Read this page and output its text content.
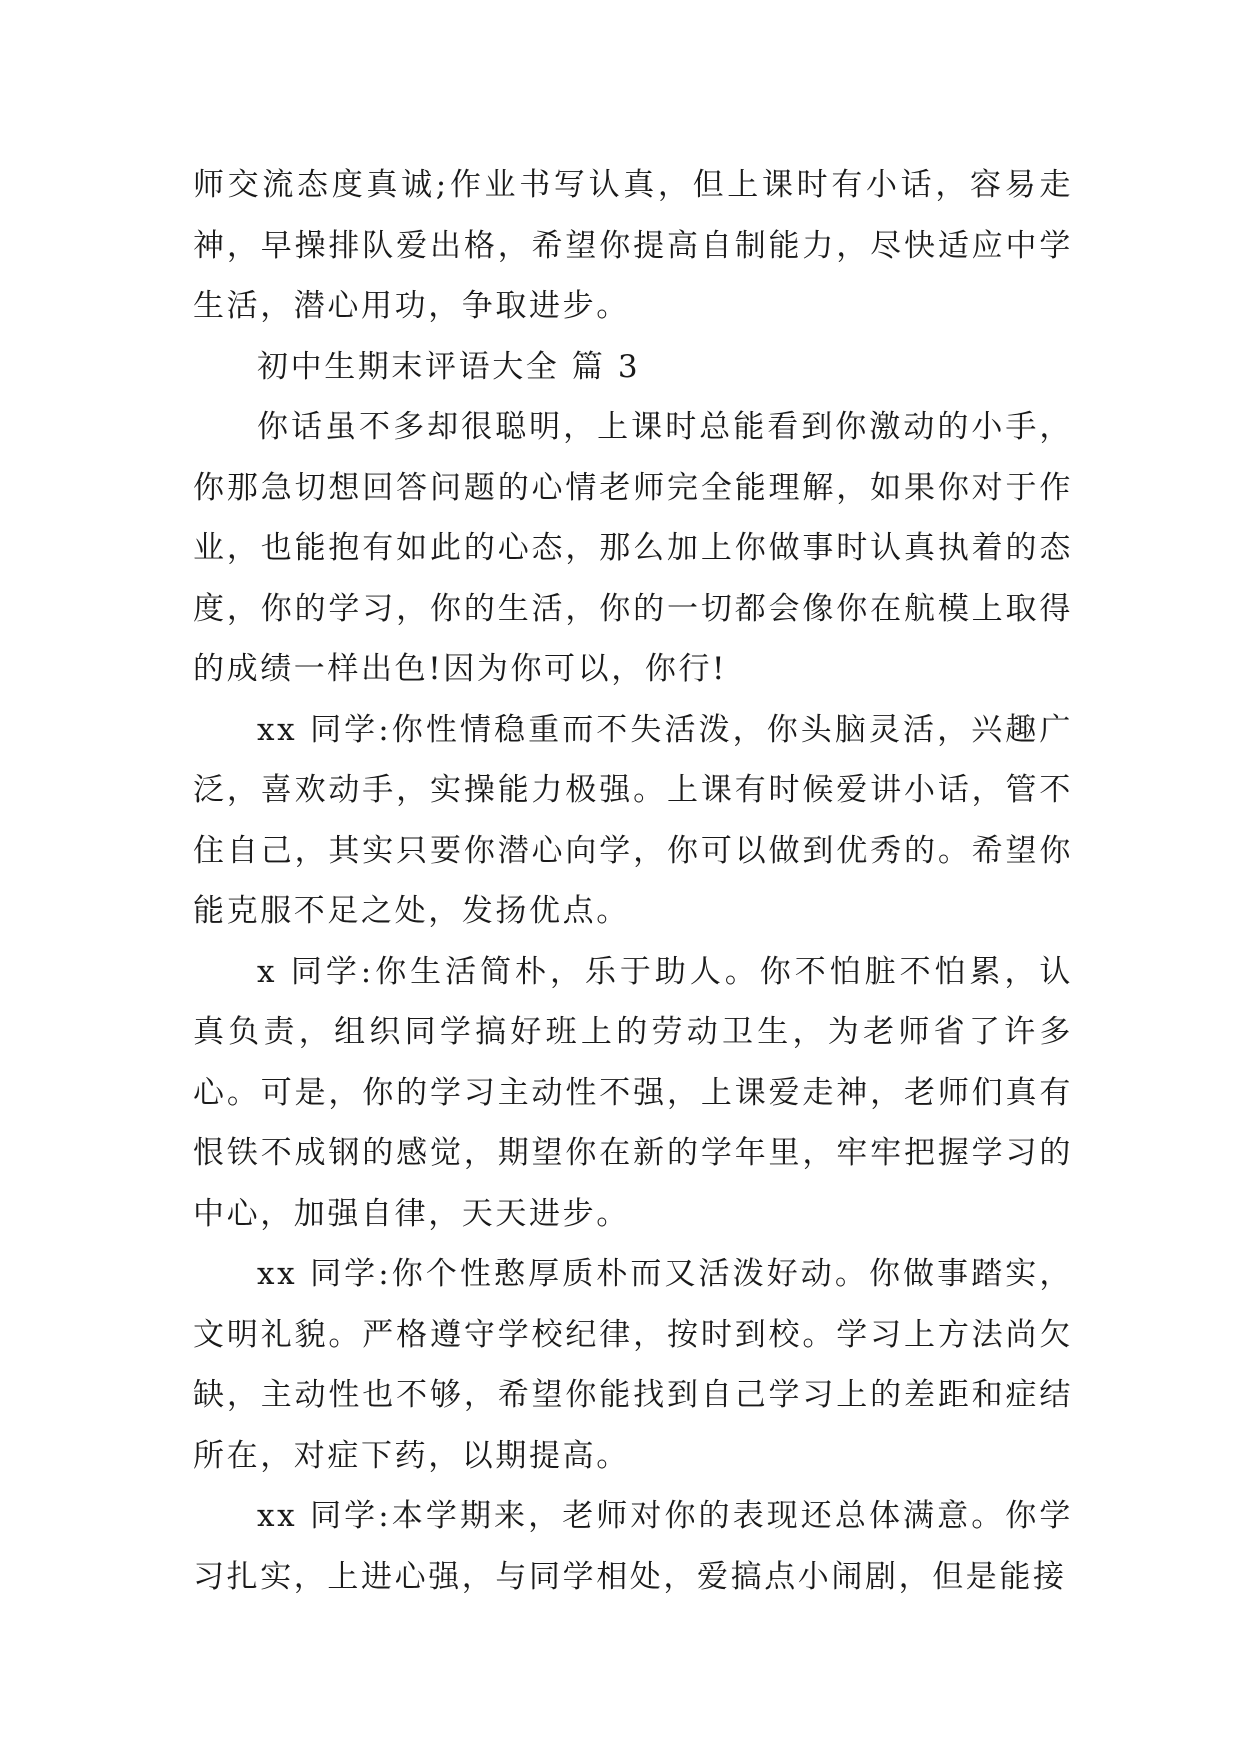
师交流态度真诚;作业书写认真，但上课时有小话，容易走神，早操排队爱出格，希望你提高自制能力，尽快适应中学生活，潜心用功，争取进步。

初中生期末评语大全 篇 3

你话虽不多却很聪明，上课时总能看到你激动的小手，你那急切想回答问题的心情老师完全能理解，如果你对于作业，也能抱有如此的心态，那么加上你做事时认真执着的态度，你的学习，你的生活，你的一切都会像你在航模上取得的成绩一样出色!因为你可以，你行!

xx 同学:你性情稳重而不失活泼，你头脑灵活，兴趣广泛，喜欢动手，实操能力极强。上课有时候爱讲小话，管不住自己，其实只要你潜心向学，你可以做到优秀的。希望你能克服不足之处，发扬优点。

x 同学:你生活简朴，乐于助人。你不怕脏不怕累，认真负责，组织同学搞好班上的劳动卫生，为老师省了许多心。可是，你的学习主动性不强，上课爱走神，老师们真有恨铁不成钢的感觉，期望你在新的学年里，牢牢把握学习的中心，加强自律，天天进步。

xx 同学:你个性憨厚质朴而又活泼好动。你做事踏实，文明礼貌。严格遵守学校纪律，按时到校。学习上方法尚欠缺，主动性也不够，希望你能找到自己学习上的差距和症结所在，对症下药，以期提高。

xx 同学:本学期来，老师对你的表现还总体满意。你学习扎实，上进心强，与同学相处，爱搞点小闹剧，但是能接
